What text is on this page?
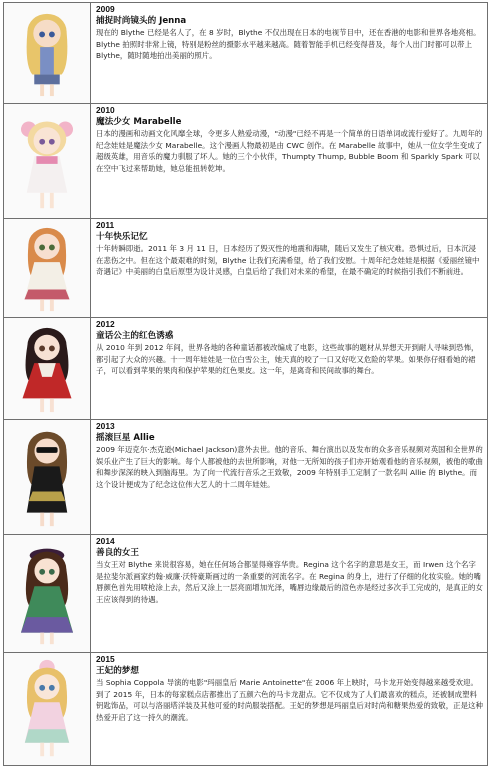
2009
捕捉时尚镜头的 Jenna
现在的 Blythe 已经是名人了，在 8 岁时，Blythe 不仅出现在日本的电视节目中，还在香港的电影和世界各地亮相。Blythe 拍照时非常上镜，特别是粉丝的摄影水平越来越高。随着智能手机已经变得普及，每个人出门时都可以带上 Blythe，随时随地拍出美丽的照片。
2010
魔法少女 Marabelle
日本的漫画和动画文化风靡全球，令更多人熟爱动漫，"动漫"已经不再是一个简单的日语单词或流行爱好了。九周年的纪念娃娃是魔法少女 Marabelle。这个漫画人物最初是由 CWC 创作。在 Marabelle 故事中，她从一位女学生变成了超级英雄，用音乐的魔力驯服了坏人。她的三个小伙伴，Thumpty Thump, Bubble Boom 和 Sparkly Spark 可以在空中飞过来帮助她，她总能扭转乾坤。
2011
十年快乐记忆
十年转瞬即逝。2011 年 3 月 11 日，日本经历了毁灭性的地震和海啸，随后又发生了核灾难。恐惧过后，日本沉浸在悲伤之中。但在这个最艰难的时刻，Blythe 让我们充满希望，给了我们安慰。十周年纪念娃娃是根据《爱丽丝镜中奇遇记》中美丽的白皇后原型为设计灵感，白皇后给了我们对未来的希望，在最不确定的时候指引我们不断前进。
2012
童话公主的红色诱惑
从 2010 年到 2012 年间，世界各地的各种童话都被改编成了电影，这些故事的题材从异想天开到耐人寻味到恐怖，都引起了大众的兴趣。十一周年娃娃是一位白雪公主，她天真的咬了一口又好吃又危险的苹果。如果你仔细看她的裙子，可以看到苹果的果肉和保护苹果的红色果皮。这一年，是离奇和民间故事的舞台。
2013
摇滚巨星 Allie
2009 年迈克尔·杰克逊(Michael Jackson)意外去世。他的音乐、舞台演出以及发布的众多音乐视频对英国和全世界的娱乐业产生了巨大的影响。每个人都被他的去世所影响，对他一无所知的孩子们亦开始观看他的音乐视频，被他的歌曲和舞步深深的映入到脑海里。为了向一代流行音乐之王致敬，2009 年特别手工定制了一款名叫 Allie 的 Blythe。而这个设计便成为了纪念这位伟大艺人的十二周年娃娃。
2014
善良的女王
当女王对 Blythe 来说很容易，她在任何场合都显得雍容华贵。Regina 这个名字的意思是女王，而 Irwen 这个名字是拉斐尔派画家约翰·威廉·沃特豪斯画过的一条重要的河流名字。在 Regina 的身上，进行了仔细的化妆实验。她的嘴唇颜色首先用喷枪涂上去，然后又涂上一层亮面增加光泽，嘴唇边缘最后的渲色亦是经过多次手工完成的，是真正的女王应该得到的待遇。
2015
王妃的梦想
当 Sophia Coppola 导演的电影"玛丽皇后 Marie Antoinette"在 2006 年上映时，马卡龙开始变得越来越受欢迎。到了 2015 年，日本的每家糕点店都推出了五颜六色的马卡龙甜点。它不仅成为了人们最喜欢的糕点，还被制成塑料钥匙饰品，可以与洛丽塔洋装及其他可爱的时尚服装搭配。王妃的梦想是玛丽皇后对时尚和糖果热爱的致敬，正是这种热爱开启了这一持久的潮流。
